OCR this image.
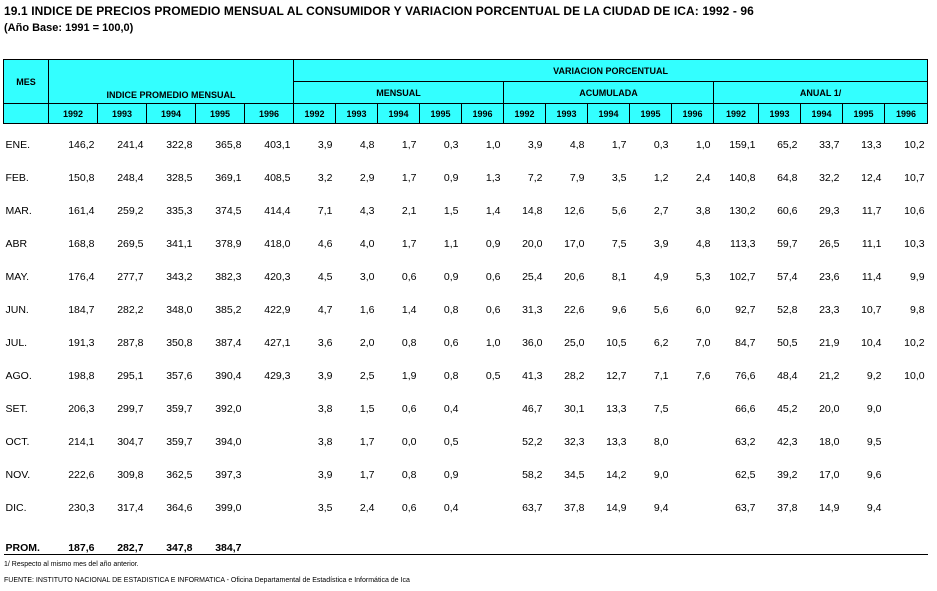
19.1 INDICE DE PRECIOS PROMEDIO MENSUAL AL CONSUMIDOR Y VARIACION PORCENTUAL DE LA CIUDAD DE ICA: 1992 - 96
(Año Base: 1991 = 100,0)
MES	INDICE PROMEDIO MENSUAL					VARIACION PORCENTUAL														
						MENSUAL					ACUMULADA					ANUAL 1/				
	1992	1993	1994	1995	1996	1992	1993	1994	1995	1996	1992	1993	1994	1995	1996	1992	1993	1994	1995	1996
ENE.	146,2	241,4	322,8	365,8	403,1	3,9	4,8	1,7	0,3	1,0	3,9	4,8	1,7	0,3	1,0	159,1	65,2	33,7	13,3	10,2
FEB.	150,8	248,4	328,5	369,1	408,5	3,2	2,9	1,7	0,9	1,3	7,2	7,9	3,5	1,2	2,4	140,8	64,8	32,2	12,4	10,7
MAR.	161,4	259,2	335,3	374,5	414,4	7,1	4,3	2,1	1,5	1,4	14,8	12,6	5,6	2,7	3,8	130,2	60,6	29,3	11,7	10,6
ABR	168,8	269,5	341,1	378,9	418,0	4,6	4,0	1,7	1,1	0,9	20,0	17,0	7,5	3,9	4,8	113,3	59,7	26,5	11,1	10,3
MAY.	176,4	277,7	343,2	382,3	420,3	4,5	3,0	0,6	0,9	0,6	25,4	20,6	8,1	4,9	5,3	102,7	57,4	23,6	11,4	9,9
JUN.	184,7	282,2	348,0	385,2	422,9	4,7	1,6	1,4	0,8	0,6	31,3	22,6	9,6	5,6	6,0	92,7	52,8	23,3	10,7	9,8
JUL.	191,3	287,8	350,8	387,4	427,1	3,6	2,0	0,8	0,6	1,0	36,0	25,0	10,5	6,2	7,0	84,7	50,5	21,9	10,4	10,2
AGO.	198,8	295,1	357,6	390,4	429,3	3,9	2,5	1,9	0,8	0,5	41,3	28,2	12,7	7,1	7,6	76,6	48,4	21,2	9,2	10,0
SET.	206,3	299,7	359,7	392,0		3,8	1,5	0,6	0,4		46,7	30,1	13,3	7,5		66,6	45,2	20,0	9,0	
OCT.	214,1	304,7	359,7	394,0		3,8	1,7	0,0	0,5		52,2	32,3	13,3	8,0		63,2	42,3	18,0	9,5	
NOV.	222,6	309,8	362,5	397,3		3,9	1,7	0,8	0,9		58,2	34,5	14,2	9,0		62,5	39,2	17,0	9,6	
DIC.	230,3	317,4	364,6	399,0		3,5	2,4	0,6	0,4		63,7	37,8	14,9	9,4		63,7	37,8	14,9	9,4	
PROM.	187,6	282,7	347,8	384,7																
1/ Respecto al mismo mes del año anterior.
FUENTE: INSTITUTO NACIONAL DE ESTADISTICA E INFORMATICA - Oficina Departamental de Estadística e Informática de Ica
